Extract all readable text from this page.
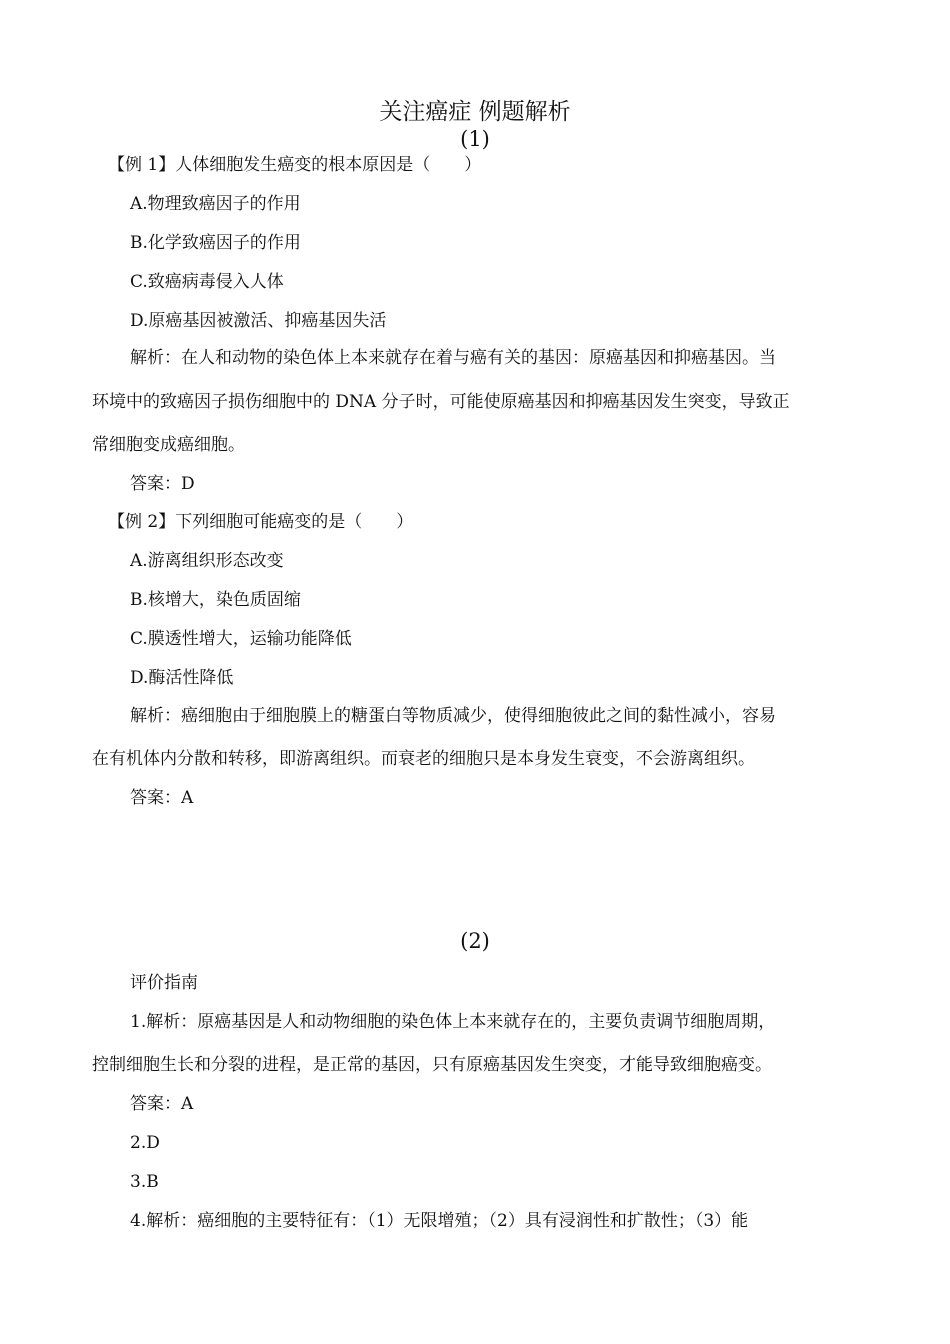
关注癌症 例题解析
(1)
【例 1】人体细胞发生癌变的根本原因是（　　）
A.物理致癌因子的作用
B.化学致癌因子的作用
C.致癌病毒侵入人体
D.原癌基因被激活、抑癌基因失活
解析：在人和动物的染色体上本来就存在着与癌有关的基因：原癌基因和抑癌基因。当
环境中的致癌因子损伤细胞中的 DNA 分子时，可能使原癌基因和抑癌基因发生突变，导致正
常细胞变成癌细胞。
答案：D
【例 2】下列细胞可能癌变的是（　　）
A.游离组织形态改变
B.核增大，染色质固缩
C.膜透性增大，运输功能降低
D.酶活性降低
解析：癌细胞由于细胞膜上的糖蛋白等物质减少，使得细胞彼此之间的黏性减小，容易
在有机体内分散和转移，即游离组织。而衰老的细胞只是本身发生衰变，不会游离组织。
答案：A
(2)
评价指南
1.解析：原癌基因是人和动物细胞的染色体上本来就存在的，主要负责调节细胞周期，
控制细胞生长和分裂的进程，是正常的基因，只有原癌基因发生突变，才能导致细胞癌变。
答案：A
2.D
3.B
4.解析：癌细胞的主要特征有：（1）无限增殖；（2）具有浸润性和扩散性；（3）能
